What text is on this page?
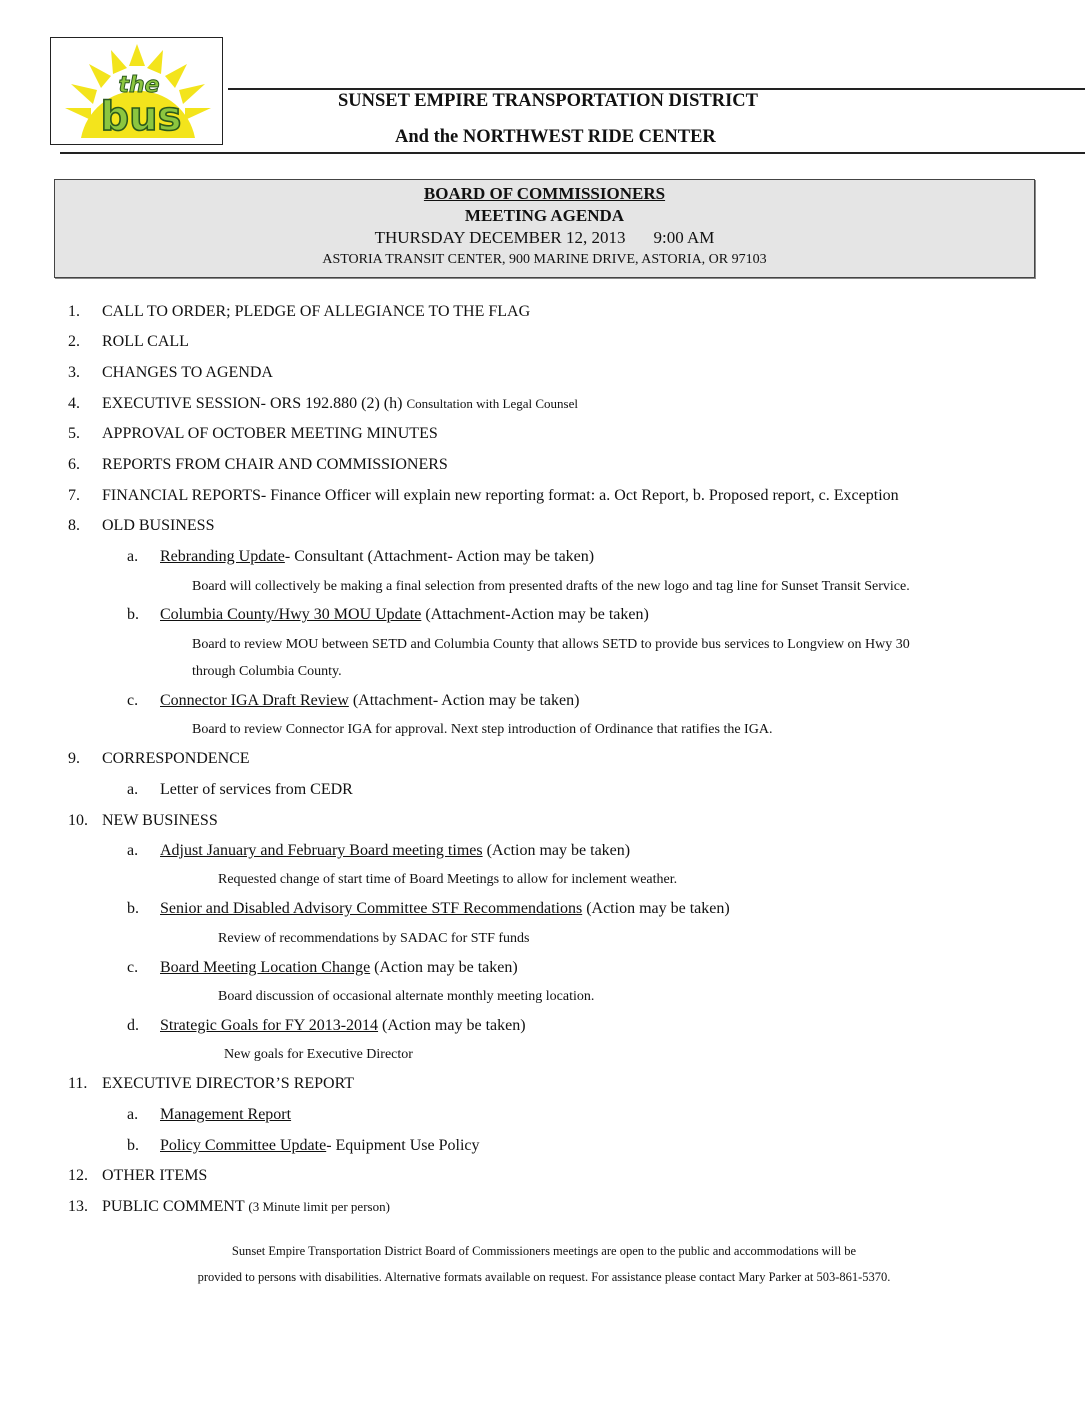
the
bus	SUNSET EMPIRE TRANSPORTATION DISTRICT
And the NORTHWEST RIDE CENTER
BOARD OF COMMISSIONERS
MEETING AGENDA
THURSDAY DECEMBER 12, 2013 9:00 AM
ASTORIA TRANSIT CENTER, 900 MARINE DRIVE, ASTORIA, OR 97103
1. CALL TO ORDER; PLEDGE OF ALLEGIANCE TO THE FLAG
2. ROLL CALL
3. CHANGES TO AGENDA
4. EXECUTIVE SESSION- ORS 192.880 (2) (h) Consultation with Legal Counsel
5. APPROVAL OF OCTOBER MEETING MINUTES
6. REPORTS FROM CHAIR AND COMMISSIONERS
7. FINANCIAL REPORTS- Finance Officer will explain new reporting format: a. Oct Report, b. Proposed report, c. Exception
8. OLD BUSINESS
a. Rebranding Update- Consultant (Attachment- Action may be taken)
Board will collectively be making a final selection from presented drafts of the new logo and tag line for Sunset Transit Service.
b. Columbia County/Hwy 30 MOU Update (Attachment-Action may be taken)
Board to review MOU between SETD and Columbia County that allows SETD to provide bus services to Longview on Hwy 30
through Columbia County.
c. Connector IGA Draft Review (Attachment- Action may be taken)
Board to review Connector IGA for approval. Next step introduction of Ordinance that ratifies the IGA.
9. CORRESPONDENCE
a. Letter of services from CEDR
10. NEW BUSINESS
a. Adjust January and February Board meeting times (Action may be taken)
Requested change of start time of Board Meetings to allow for inclement weather.
b. Senior and Disabled Advisory Committee STF Recommendations (Action may be taken)
Review of recommendations by SADAC for STF funds
c. Board Meeting Location Change (Action may be taken)
Board discussion of occasional alternate monthly meeting location.
d. Strategic Goals for FY 2013-2014 (Action may be taken)
New goals for Executive Director
11. EXECUTIVE DIRECTOR’S REPORT
a. Management Report
b. Policy Committee Update- Equipment Use Policy
12. OTHER ITEMS
13. PUBLIC COMMENT (3 Minute limit per person)
Sunset Empire Transportation District Board of Commissioners meetings are open to the public and accommodations will be
provided to persons with disabilities. Alternative formats available on request. For assistance please contact Mary Parker at 503-861-5370.
